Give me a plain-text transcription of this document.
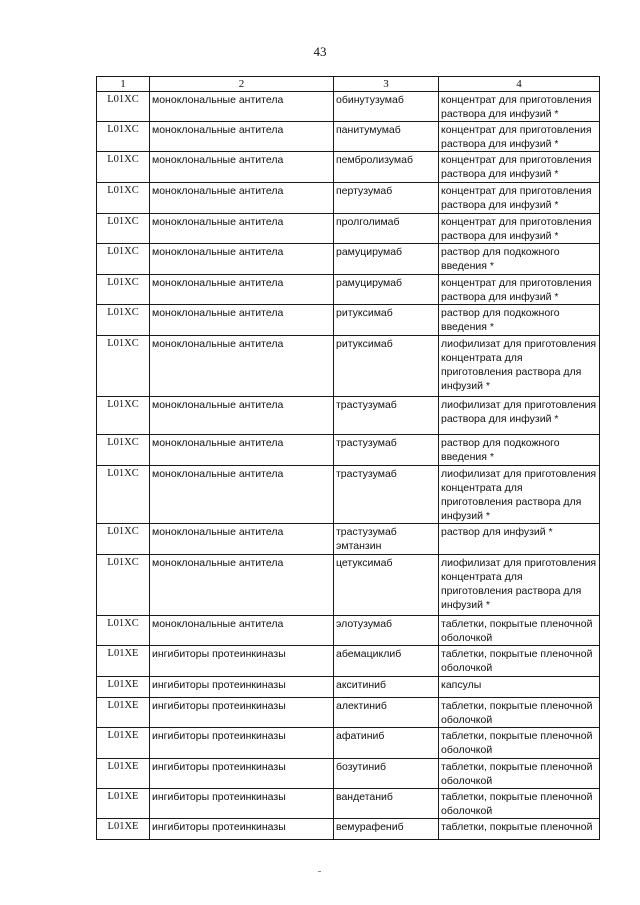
43
1	2	3	4
L01XC	моноклональные антитела	обинутузумаб	концентрат для приготовления раствора для инфузий *
L01XC	моноклональные антитела	панитумумаб	концентрат для приготовления раствора для инфузий *
L01XC	моноклональные антитела	пембролизумаб	концентрат для приготовления раствора для инфузий *
L01XC	моноклональные антитела	пертузумаб	концентрат для приготовления раствора для инфузий *
L01XC	моноклональные антитела	пролголимаб	концентрат для приготовления раствора для инфузий *
L01XC	моноклональные антитела	рамуцирумаб	раствор для подкожного введения *
L01XC	моноклональные антитела	рамуцирумаб	концентрат для приготовления раствора для инфузий *
L01XC	моноклональные антитела	ритуксимаб	раствор для подкожного введения *
L01XC	моноклональные антитела	ритуксимаб	лиофилизат для приготовления концентрата для приготовления раствора для инфузий *
L01XC	моноклональные антитела	трастузумаб	лиофилизат для приготовления раствора для инфузий *
L01XC	моноклональные антитела	трастузумаб	раствор для подкожного введения *
L01XC	моноклональные антитела	трастузумаб	лиофилизат для приготовления концентрата для приготовления раствора для инфузий *
L01XC	моноклональные антитела	трастузумаб эмтанзин	раствор для инфузий *
L01XC	моноклональные антитела	цетуксимаб	лиофилизат для приготовления концентрата для приготовления раствора для инфузий *
L01XC	моноклональные антитела	элотузумаб	таблетки, покрытые пленочной оболочкой
L01XE	ингибиторы протеинкиназы	абемациклиб	таблетки, покрытые пленочной оболочкой
L01XE	ингибиторы протеинкиназы	акситиниб	капсулы
L01XE	ингибиторы протеинкиназы	алектиниб	таблетки, покрытые пленочной оболочкой
L01XE	ингибиторы протеинкиназы	афатиниб	таблетки, покрытые пленочной оболочкой
L01XE	ингибиторы протеинкиназы	бозутиниб	таблетки, покрытые пленочной оболочкой
L01XE	ингибиторы протеинкиназы	вандетаниб	таблетки, покрытые пленочной оболочкой
L01XE	ингибиторы протеинкиназы	вемурафениб	таблетки, покрытые пленочной
